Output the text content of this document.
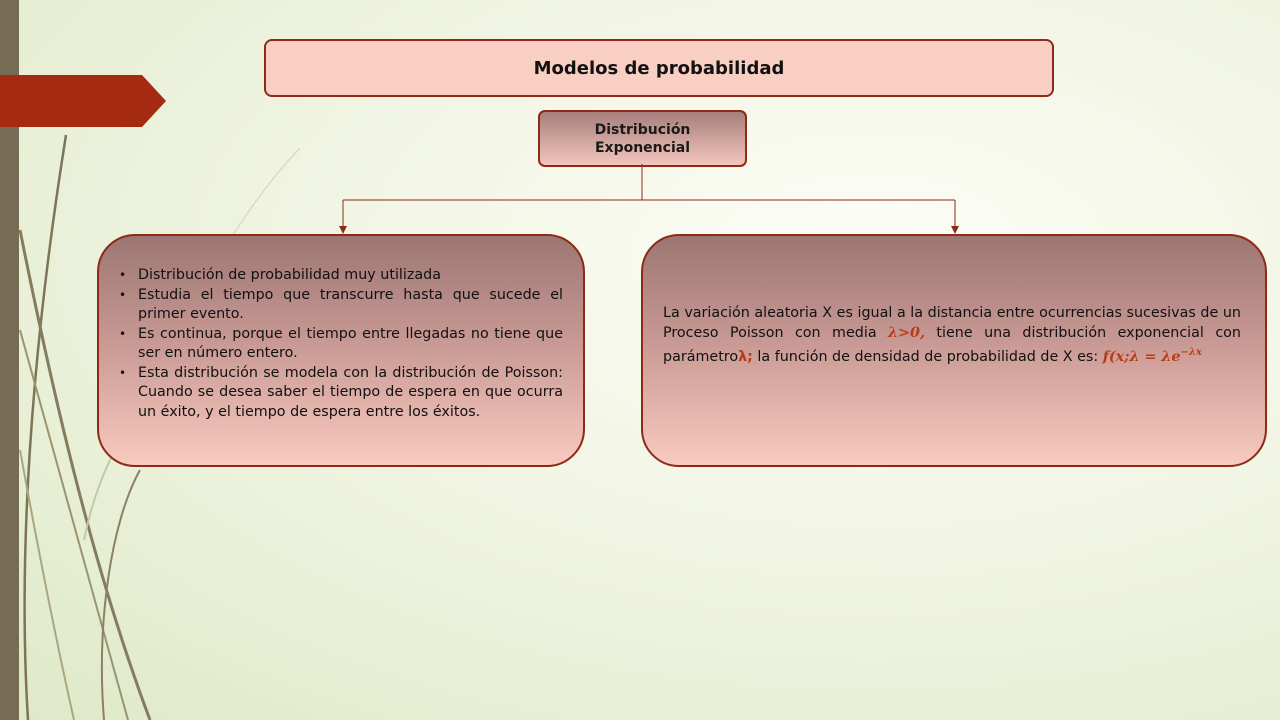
Modelos de probabilidad
Distribución
Exponencial
• Distribución de probabilidad muy utilizada
• Estudia el tiempo que transcurre hasta que sucede el primer evento.
• Es continua, porque el tiempo entre llegadas no tiene que ser en número entero.
• Esta distribución se modela con la distribución de Poisson: Cuando se desea saber el tiempo de espera en que ocurra un éxito, y el tiempo de espera entre los éxitos.

La variación aleatoria X es igual a la distancia entre ocurrencias sucesivas de un Proceso Poisson con media λ>0, tiene una distribución exponencial con parámetroλ; la función de densidad de probabilidad de X es: 𝒇(𝒙;𝝀 = 𝝀𝒆$^{-𝝀𝒙}$
